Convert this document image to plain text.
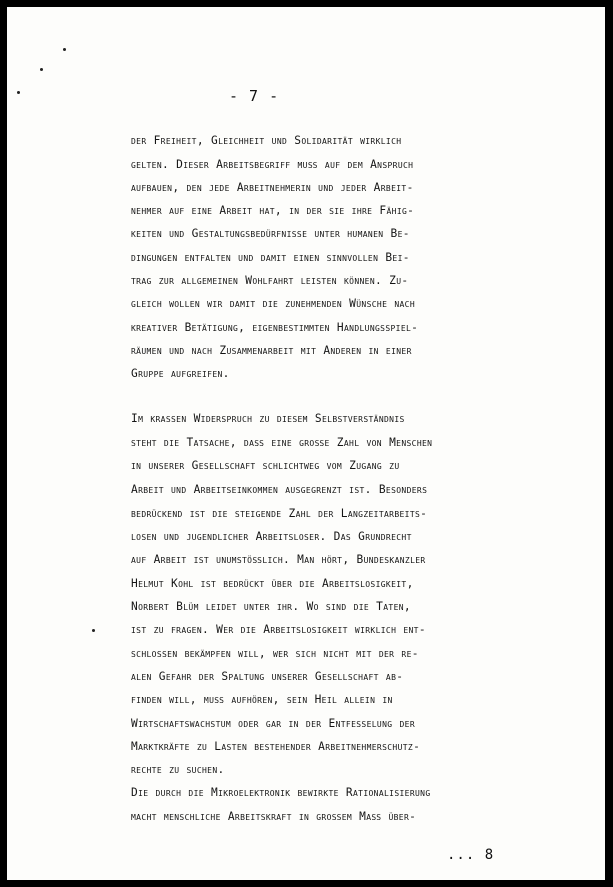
- 7 -
... 8
der Freiheit, Gleichheit und Solidarität wirklich
gelten. Dieser Arbeitsbegriff muß auf dem Anspruch
aufbauen, den jede Arbeitnehmerin und jeder Arbeit-
nehmer auf eine Arbeit hat, in der sie ihre Fähig-
keiten und Gestaltungsbedürfnisse unter humanen Be-
dingungen entfalten und damit einen sinnvollen Bei-
trag zur allgemeinen Wohlfahrt leisten können. Zu-
gleich wollen wir damit die zunehmenden Wünsche nach
kreativer Betätigung, eigenbestimmten Handlungsspiel-
räumen und nach Zusammenarbeit mit Anderen in einer
Gruppe aufgreifen.
Im krassen Widerspruch zu diesem Selbstverständnis
steht die Tatsache, daß eine große Zahl von Menschen
in unserer Gesellschaft schlichtweg vom Zugang zu
Arbeit und Arbeitseinkommen ausgegrenzt ist. Besonders
bedrückend ist die steigende Zahl der Langzeitarbeits-
losen und jugendlicher Arbeitsloser. Das Grundrecht
auf Arbeit ist unumstößlich. Man hört, Bundeskanzler
Helmut Kohl ist bedrückt über die Arbeitslosigkeit,
Norbert Blüm leidet unter ihr. Wo sind die Taten,
ist zu fragen. Wer die Arbeitslosigkeit wirklich ent-
schlossen bekämpfen will, wer sich nicht mit der re-
alen Gefahr der Spaltung unserer Gesellschaft ab-
finden will, muß aufhören, sein Heil allein in
Wirtschaftswachstum oder gar in der Entfesselung der
Marktkräfte zu Lasten bestehender Arbeitnehmerschutz-
rechte zu suchen.
Die durch die Mikroelektronik bewirkte Rationalisierung
macht menschliche Arbeitskraft in großem Maß über-
